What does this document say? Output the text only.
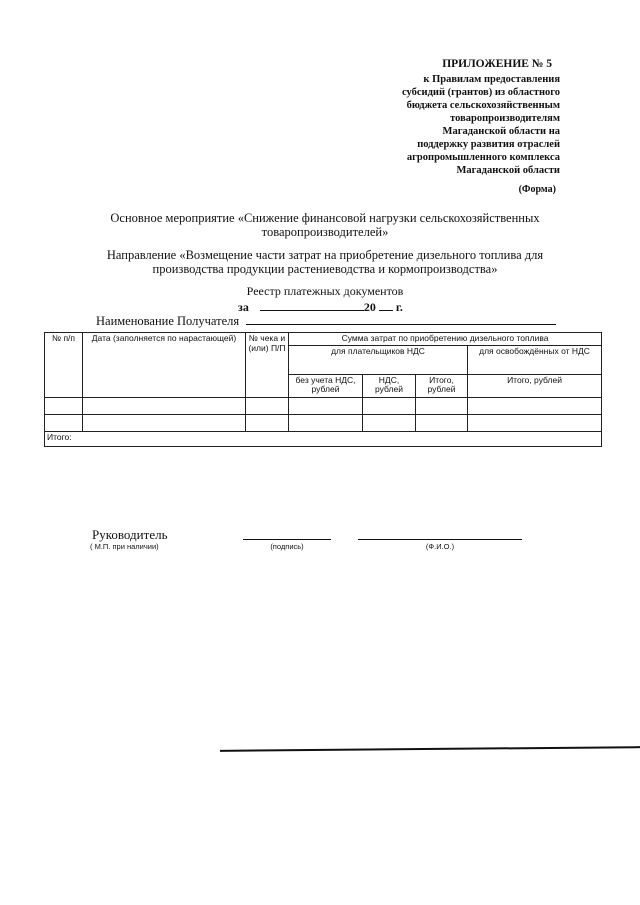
ПРИЛОЖЕНИЕ № 5
к Правилам предоставления
субсидий (грантов) из областного
бюджета сельскохозяйственным
товаропроизводителям
Магаданской области на
поддержку развития отраслей
агропромышленного комплекса
Магаданской области
(Форма)
Основное мероприятие «Снижение финансовой нагрузки сельскохозяйственных
товаропроизводителей»
Направление «Возмещение части затрат на приобретение дизельного топлива для
производства продукции растениеводства и кормопроизводства»
Реестр платежных документов
за	20 г.
Наименование Получателя
№ п/п	Дата (заполняется по нарастающей)	№ чека и (или) П/П	Сумма затрат по приобретению дизельного топлива			
			для плательщиков НДС			для освобождённых от НДС
			без учета НДС, рублей	НДС, рублей	Итого, рублей	Итого, рублей

Итого:						
Руководитель
( М.П. при наличии)	(подпись)	(Ф.И.О.)
